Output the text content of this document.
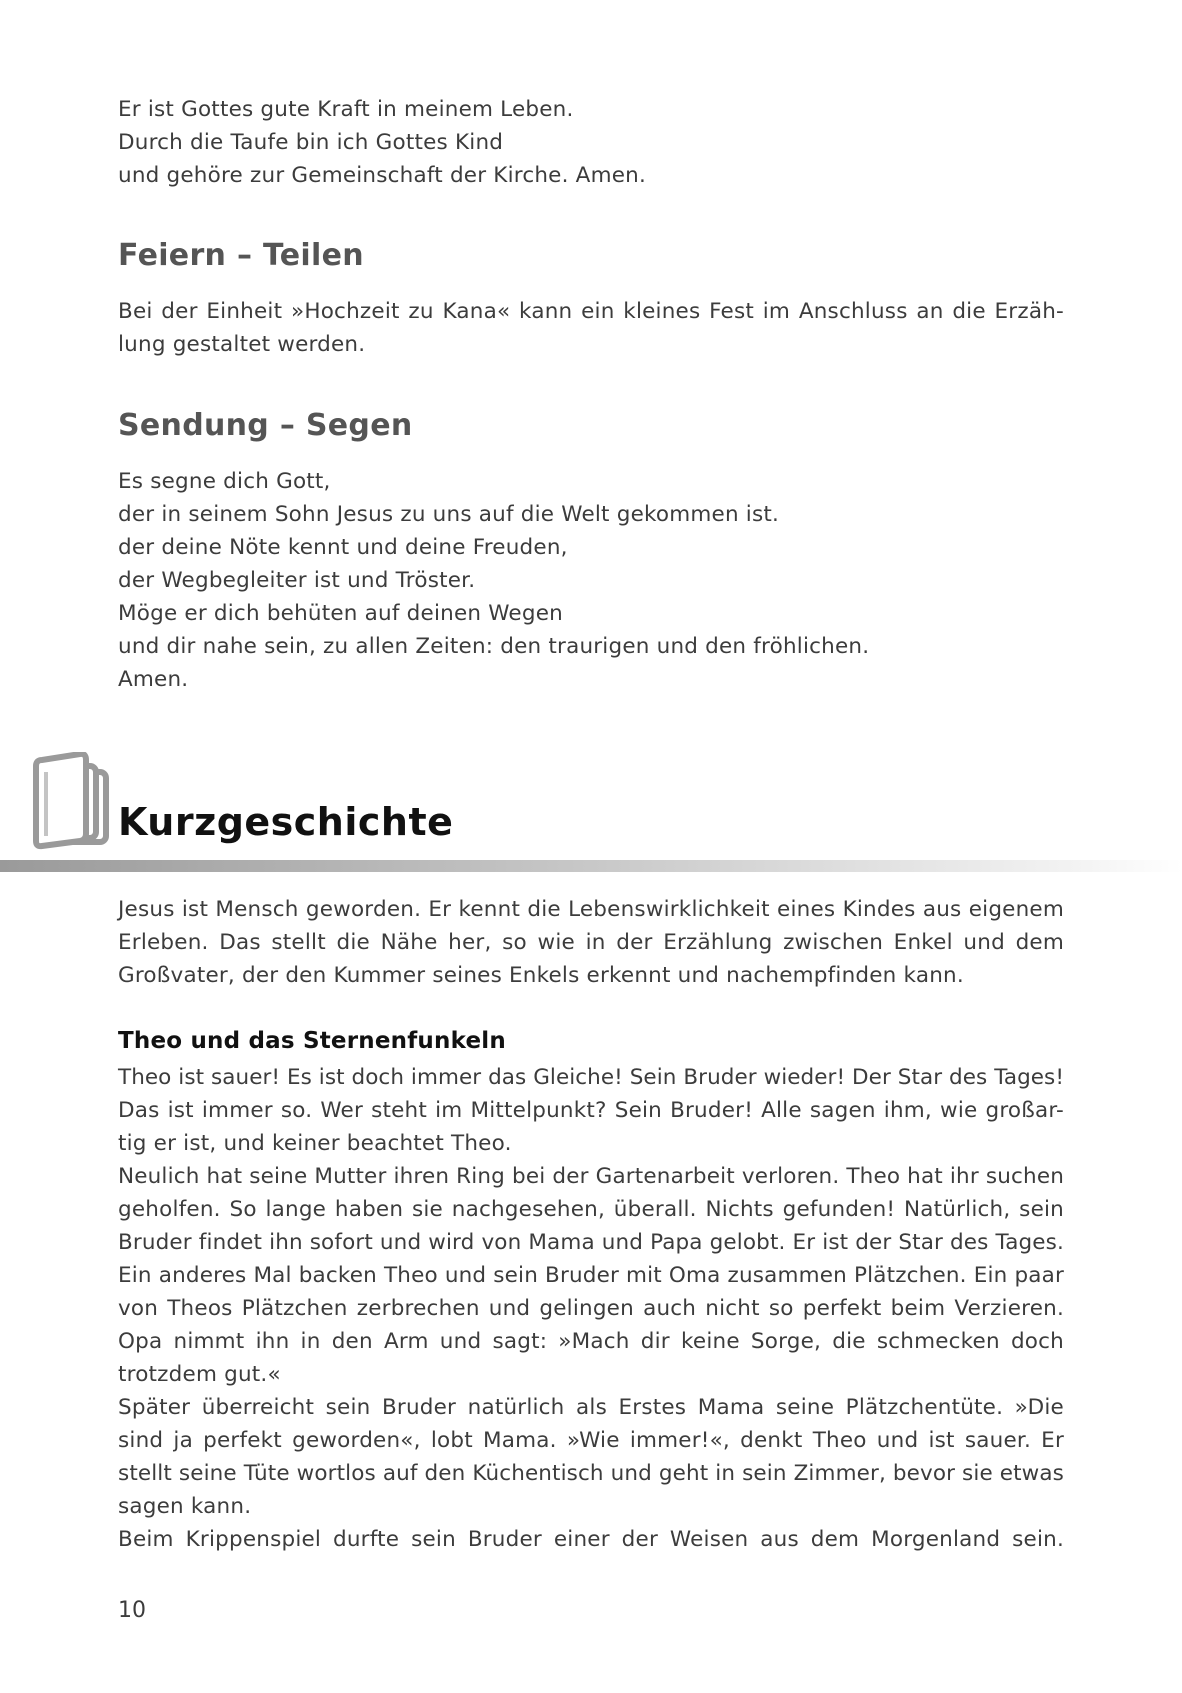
Er ist Gottes gute Kraft in meinem Leben.
Durch die Taufe bin ich Gottes Kind
und gehöre zur Gemeinschaft der Kirche. Amen.
Feiern – Teilen
Bei der Einheit »Hochzeit zu Kana« kann ein kleines Fest im Anschluss an die Erzäh-
lung gestaltet werden.
Sendung – Segen
Es segne dich Gott,
der in seinem Sohn Jesus zu uns auf die Welt gekommen ist.
der deine Nöte kennt und deine Freuden,
der Wegbegleiter ist und Tröster.
Möge er dich behüten auf deinen Wegen
und dir nahe sein, zu allen Zeiten: den traurigen und den fröhlichen.
Amen.
Kurzgeschichte
Jesus ist Mensch geworden. Er kennt die Lebenswirklichkeit eines Kindes aus eigenem
Erleben. Das stellt die Nähe her, so wie in der Erzählung zwischen Enkel und dem
Großvater, der den Kummer seines Enkels erkennt und nachempfinden kann.
Theo und das Sternenfunkeln
Theo ist sauer! Es ist doch immer das Gleiche! Sein Bruder wieder! Der Star des Tages!
Das ist immer so. Wer steht im Mittelpunkt? Sein Bruder! Alle sagen ihm, wie großar-
tig er ist, und keiner beachtet Theo.
Neulich hat seine Mutter ihren Ring bei der Gartenarbeit verloren. Theo hat ihr suchen
geholfen. So lange haben sie nachgesehen, überall. Nichts gefunden! Natürlich, sein
Bruder findet ihn sofort und wird von Mama und Papa gelobt. Er ist der Star des Tages.
Ein anderes Mal backen Theo und sein Bruder mit Oma zusammen Plätzchen. Ein paar
von Theos Plätzchen zerbrechen und gelingen auch nicht so perfekt beim Verzieren.
Opa nimmt ihn in den Arm und sagt: »Mach dir keine Sorge, die schmecken doch
trotzdem gut.«
Später überreicht sein Bruder natürlich als Erstes Mama seine Plätzchentüte. »Die
sind ja perfekt geworden«, lobt Mama. »Wie immer!«, denkt Theo und ist sauer. Er
stellt seine Tüte wortlos auf den Küchentisch und geht in sein Zimmer, bevor sie etwas
sagen kann.
Beim Krippenspiel durfte sein Bruder einer der Weisen aus dem Morgenland sein.
10
